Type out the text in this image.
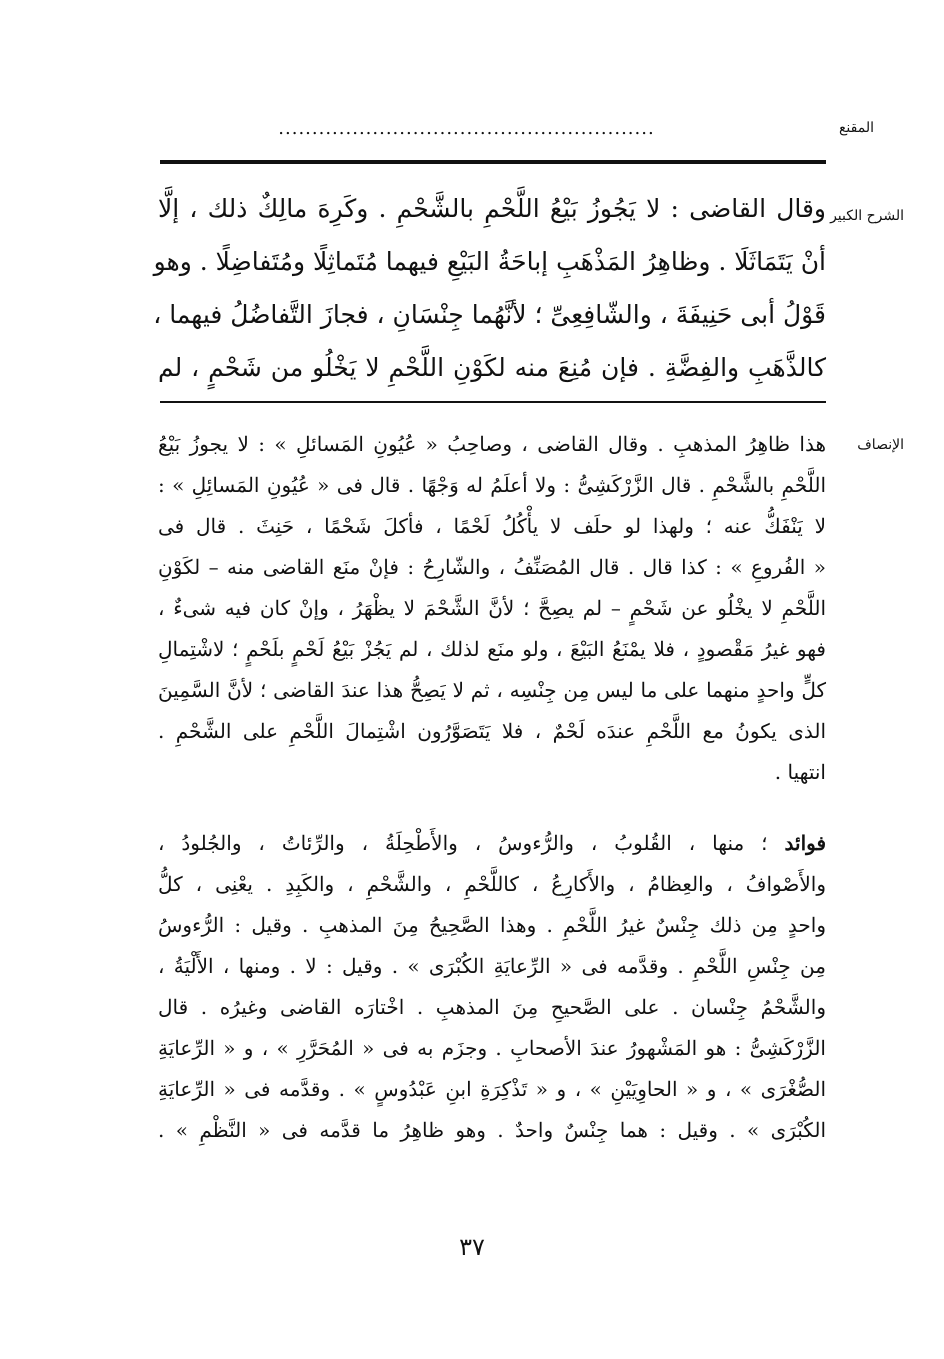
المقنع
........................................................
الشرح الكبير
وقال القاضى : لا يَجُوزُ بَيْعُ اللَّحْمِ بالشَّحْمِ . وكَرِهَ مالِكٌ ذلك ، إلَّا
أنْ يَتَمَاثَلَا . وظاهِرُ المَذْهَبِ إباحَةُ البَيْعِ فيهما مُتَماثِلًا ومُتَفاضِلًا . وهو
قَوْلُ أبى حَنِيفَةَ ، والشّافِعِىِّ ؛ لأنَّهُما جِنْسَانِ ، فجازَ التَّفاضُلُ فيهما ،
كالذَّهَبِ والفِضَّةِ . فإن مُنِعَ منه لكَوْنِ اللَّحْمِ لا يَخْلُو من شَحْمٍ ، لم
الإنصاف
هذا ظاهِرُ المذهبِ . وقال القاضى ، وصاحِبُ « عُيُونِ المَسائلِ » : لا يجوزُ بَيْعُ
اللَّحْمِ بالشَّحْمِ . قال الزَّرْكَشِىُّ : ولا أعلَمُ له وَجْهًا . قال فى « عُيُونِ المَسائِلِ » :
لا يَنْفَكُّ عنه ؛ ولهذا لو حلَف لا يأْكُلُ لَحْمًا ، فأكلَ شَحْمًا ، حَنِثَ . قال فى
« الفُروعِ » : كذا قال . قال المُصَنِّفُ ، والشّارِحُ : فإنْ منَع القاضى منه – لكَوْنِ
اللَّحْمِ لا يخْلُو عن شَحْمٍ – لم يصِحَّ ؛ لأنَّ الشَّحْمَ لا يظْهَرُ ، وإنْ كان فيه شىءٌ ،
فهو غيرُ مَقْصودٍ ، فلا يمْنَعُ البَيْعَ ، ولو منَع لذلك ، لم يَجُزْ بَيْعُ لَحْمٍ بلَحْمٍ ؛ لاشْتِمالِ
كلٍّ واحدٍ منهما على ما ليس مِن جِنْسِه ، ثم لا يَصِحُّ هذا عندَ القاضى ؛ لأنَّ السَّمِينَ
الذى يكونُ مع اللَّحْمِ عندَه لَحْمٌ ، فلا يَتَصَوَّرُون اشْتِمالَ اللَّحْمِ على الشَّحْمِ .
انتهيا .
فوائد ؛ منها ، القُلوبُ ، والرُّءوسُ ، والأَطْحِلَةُ ، والرِّئاتُ ، والجُلودُ ،
والأَصْوافُ ، والعِظامُ ، والأَكارِعُ ، كاللَّحْمِ ، والشَّحْمِ ، والكَبِدِ . يعْنِى ، كلُّ
واحدٍ مِن ذلك جِنْسٌ غيرُ اللَّحْمِ . وهذا الصَّحِيحُ مِنَ المذهبِ . وقيل : الرُّءوسُ
مِن جِنْسِ اللَّحْمِ . وقدَّمه فى « الرِّعايَةِ الكُبْرَى » . وقيل : لا . ومنها ، الأَلْيَةُ ،
والشَّحْمُ جِنْسان . على الصَّحيحِ مِنَ المذهبِ . اخْتارَه القاضى وغيرُه . قال
الزَّرْكَشِىُّ : هو المَشْهورُ عندَ الأصحابِ . وجزَم به فى « المُحَرَّرِ » ، و « الرِّعايَةِ
الصُّغْرَى » ، و « الحاوِيَيْنِ » ، و « تَذْكِرَةِ ابنِ عَبْدُوسٍ » . وقدَّمه فى « الرِّعايَةِ
الكُبْرَى » . وقيل : هما جِنْسٌ واحدٌ . وهو ظاهِرُ ما قدَّمه فى « النَّظْمِ » .
٣٧
